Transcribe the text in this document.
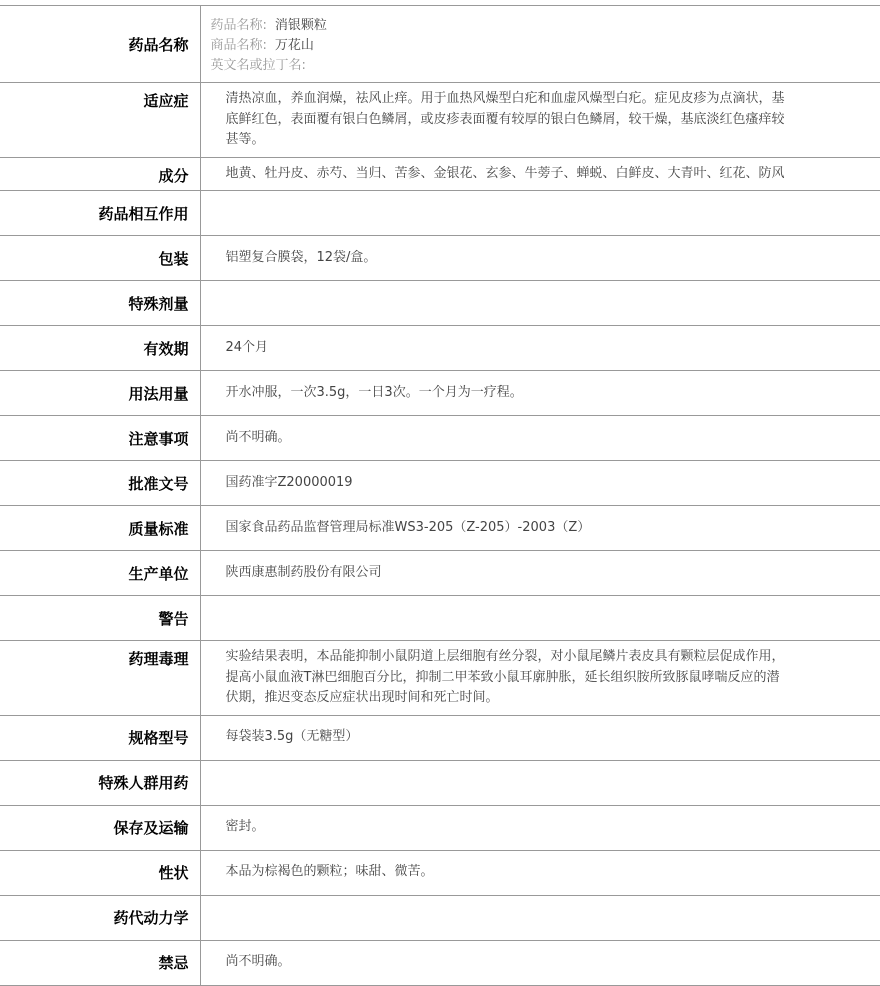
药品名称	药品名称: 消银颗粒
商品名称: 万花山
英文名或拉丁名:

适应症	清热凉血，养血润燥，祛风止痒。用于血热风燥型白疕和血虚风燥型白疕。症见皮疹为点滴状，基底鲜红色，表面覆有银白色鳞屑，或皮疹表面覆有较厚的银白色鳞屑，较干燥，基底淡红色瘙痒较甚等。
成分	地黄、牡丹皮、赤芍、当归、苦参、金银花、玄参、牛蒡子、蝉蜕、白鲜皮、大青叶、红花、防风
药品相互作用	
包装	铝塑复合膜袋，12袋/盒。
特殊剂量	
有效期	24个月
用法用量	开水冲服，一次3.5g，一日3次。一个月为一疗程。
注意事项	尚不明确。
批准文号	国药准字Z20000019
质量标准	国家食品药品监督管理局标准WS3-205（Z-205）-2003（Z）
生产单位	陕西康惠制药股份有限公司
警告	
药理毒理	实验结果表明，本品能抑制小鼠阴道上层细胞有丝分裂，对小鼠尾鳞片表皮具有颗粒层促成作用，提高小鼠血液T淋巴细胞百分比，抑制二甲苯致小鼠耳廓肿胀，延长组织胺所致豚鼠哮喘反应的潜伏期，推迟变态反应症状出现时间和死亡时间。
规格型号	每袋装3.5g（无糖型）
特殊人群用药	
保存及运输	密封。
性状	本品为棕褐色的颗粒；味甜、微苦。
药代动力学	
禁忌	尚不明确。
